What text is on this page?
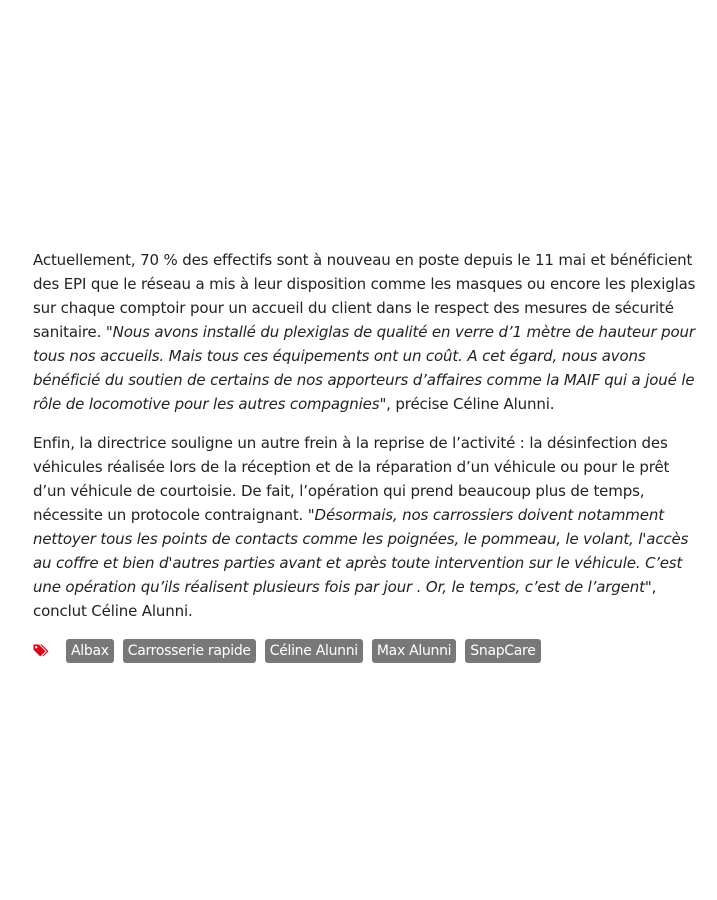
Actuellement, 70 % des effectifs sont à nouveau en poste depuis le 11 mai et bénéficient des EPI que le réseau a mis à leur disposition comme les masques ou encore les plexiglas sur chaque comptoir pour un accueil du client dans le respect des mesures de sécurité sanitaire. "Nous avons installé du plexiglas de qualité en verre d’1 mètre de hauteur pour tous nos accueils. Mais tous ces équipements ont un coût. A cet égard, nous avons bénéficié du soutien de certains de nos apporteurs d’affaires comme la MAIF qui a joué le rôle de locomotive pour les autres compagnies", précise Céline Alunni.

Enfin, la directrice souligne un autre frein à la reprise de l’activité : la désinfection des véhicules réalisée lors de la réception et de la réparation d’un véhicule ou pour le prêt d’un véhicule de courtoisie. De fait, l’opération qui prend beaucoup plus de temps, nécessite un protocole contraignant. "Désormais, nos carrossiers doivent notamment nettoyer tous les points de contacts comme les poignées, le pommeau, le volant, l'accès au coffre et bien d'autres parties avant et après toute intervention sur le véhicule. C’est une opération qu’ils réalisent plusieurs fois par jour . Or, le temps, c’est de l’argent", conclut Céline Alunni.

Albax	Carrosserie rapide	Céline Alunni	Max Alunni	SnapCare
